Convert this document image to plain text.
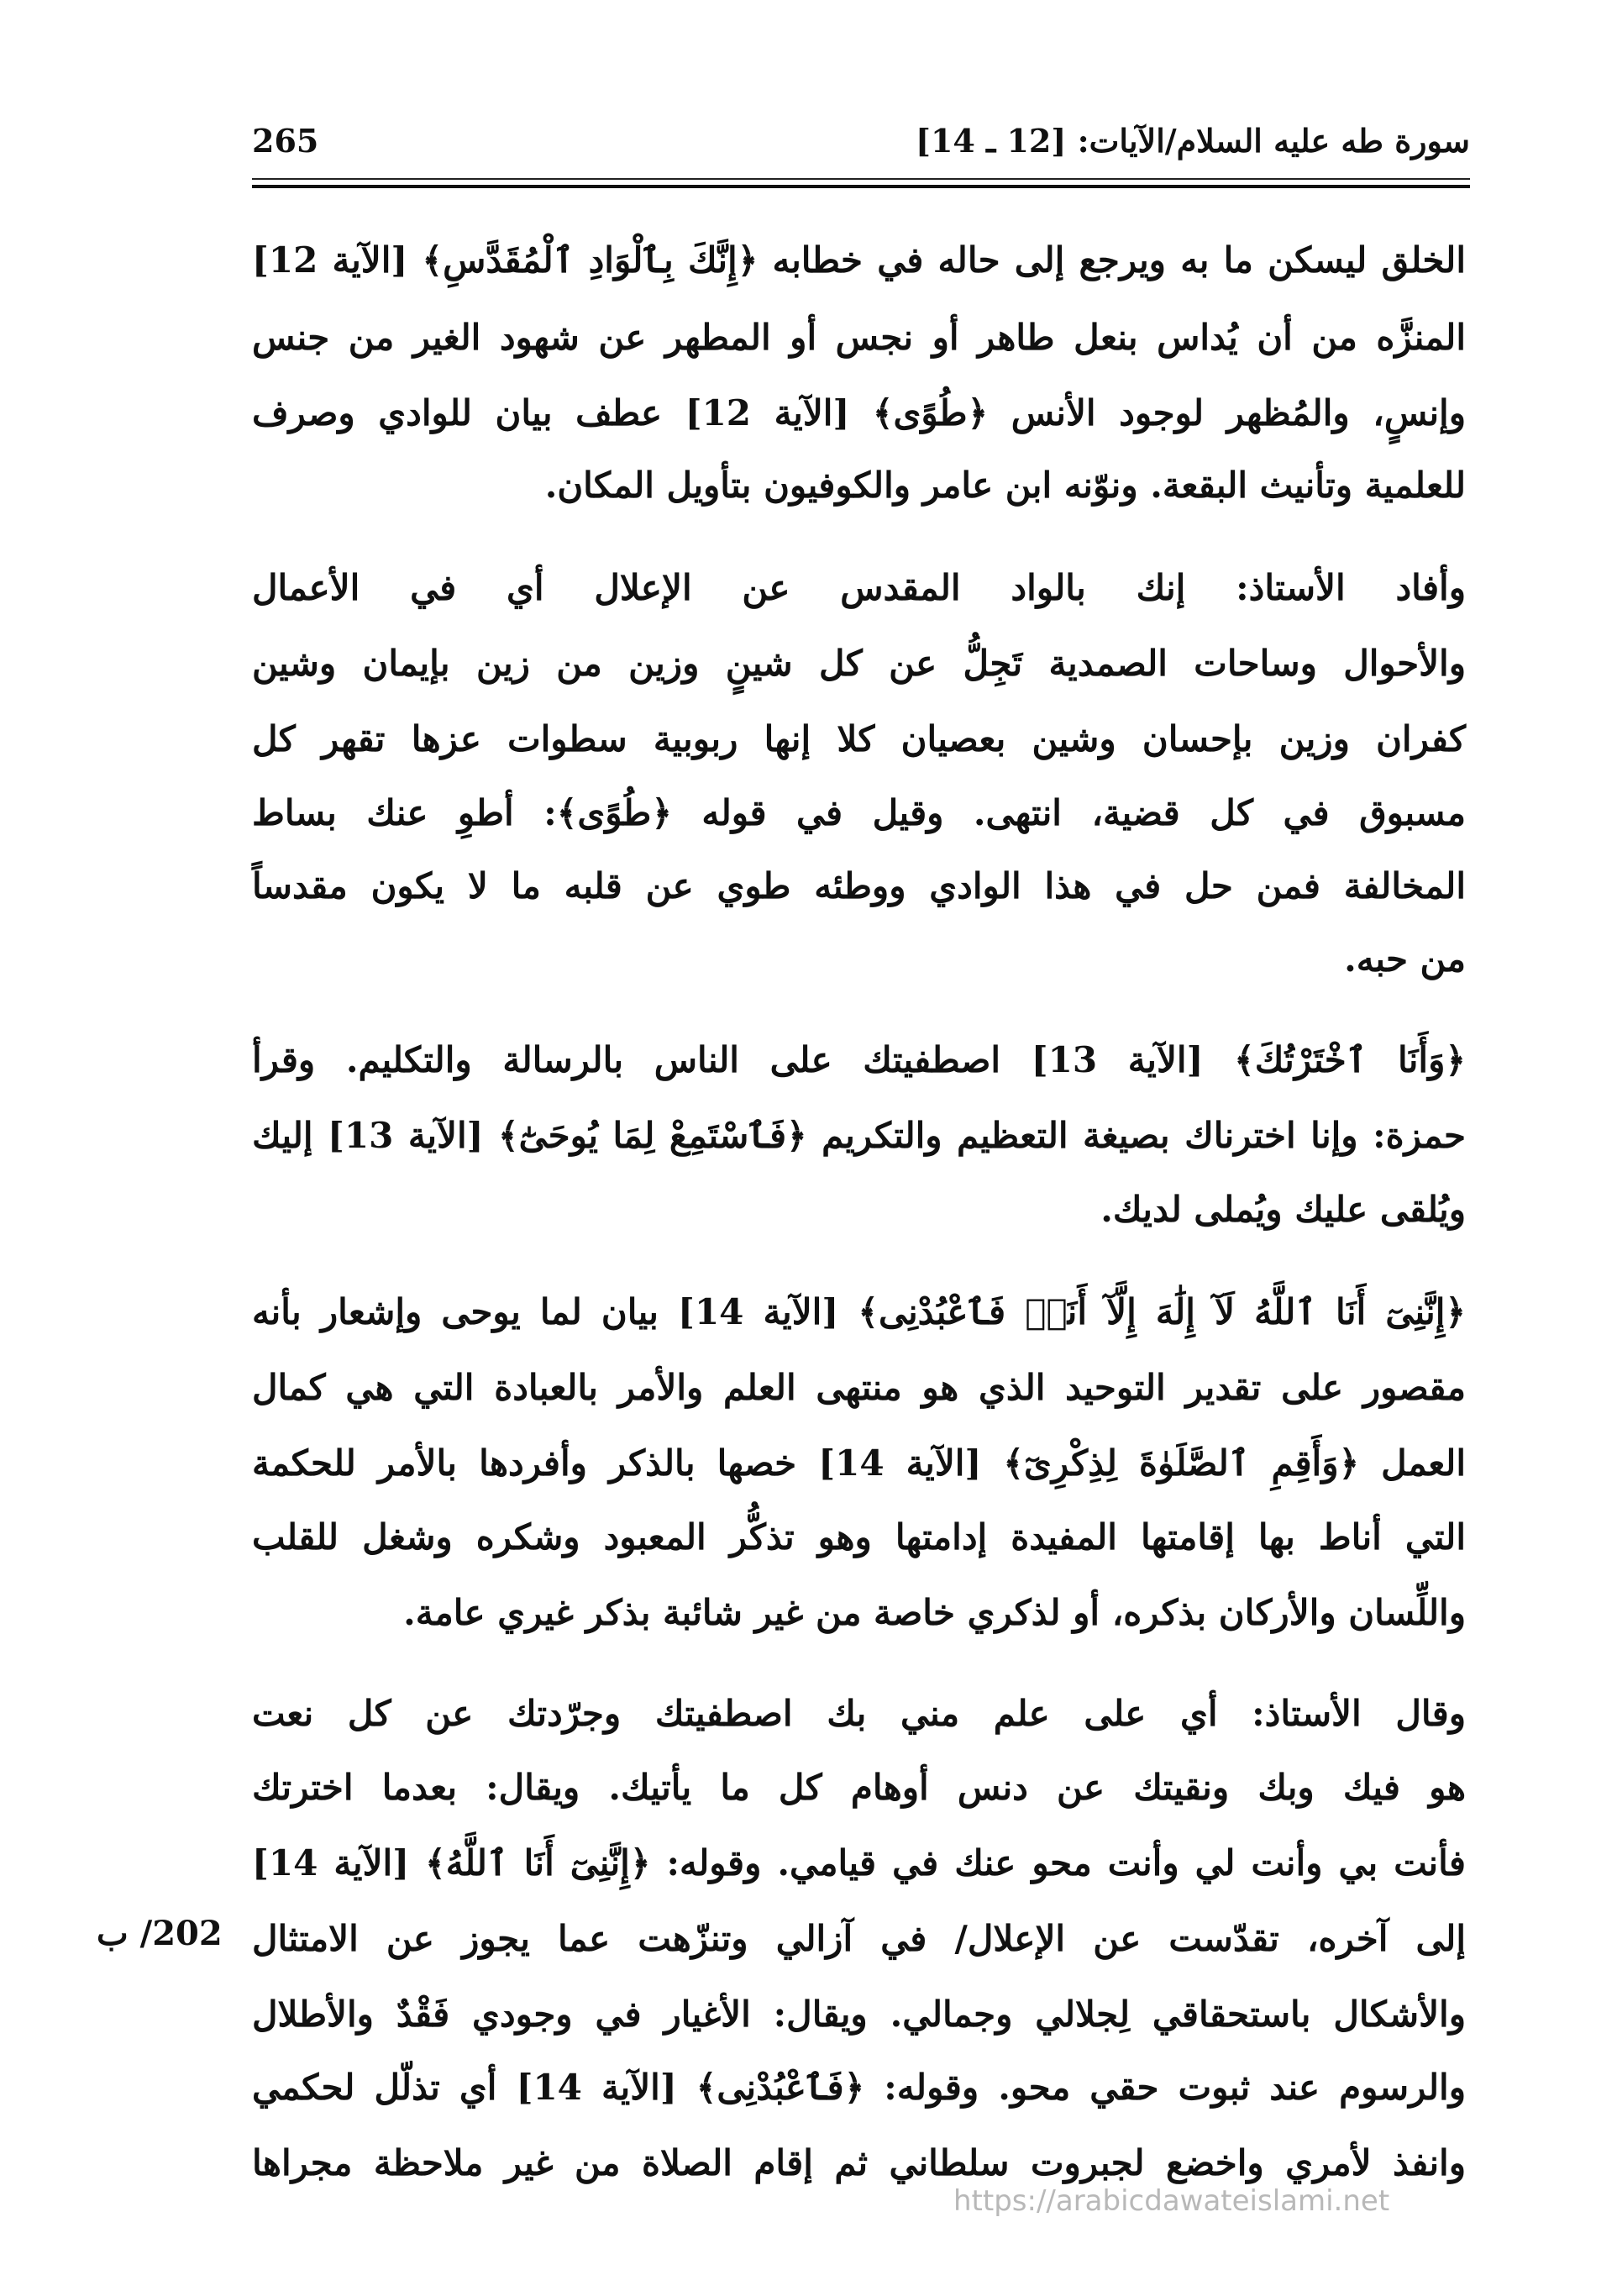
سورة طه عليه السلام/الآيات: [12 ـ 14]
265
الخلق ليسكن ما به ويرجع إلى حاله في خطابه ﴿إِنَّكَ بِٱلْوَادِ ٱلْمُقَدَّسِ﴾ [الآية 12]
المنزَّه من أن يُداس بنعل طاهر أو نجس أو المطهر عن شهود الغير من جنس
وإنسٍ، والمُظهر لوجود الأنس ﴿طُوًى﴾ [الآية 12] عطف بيان للوادي وصرف
للعلمية وتأنيث البقعة. ونوّنه ابن عامر والكوفيون بتأويل المكان.
وأفاد الأستاذ: إنك بالواد المقدس عن الإعلال أي في الأعمال
والأحوال وساحات الصمدية تَجِلُّ عن كل شينٍ وزين من زين بإيمان وشين
كفران وزين بإحسان وشين بعصيان كلا إنها ربوبية سطوات عزها تقهر كل
مسبوق في كل قضية، انتهى. وقيل في قوله ﴿طُوًى﴾: أطوِ عنك بساط
المخالفة فمن حل في هذا الوادي ووطئه طوي عن قلبه ما لا يكون مقدساً
من حبه.
﴿وَأَنَا ٱخْتَرْتُكَ﴾ [الآية 13] اصطفيتك على الناس بالرسالة والتكليم. وقرأ
حمزة: وإنا اخترناك بصيغة التعظيم والتكريم ﴿فَٱسْتَمِعْ لِمَا يُوحَىٰٓ﴾ [الآية 13] إليك
ويُلقى عليك ويُملى لديك.
﴿إِنَّنِىٓ أَنَا ٱللَّهُ لَآ إِلَٰهَ إِلَّآ أَنَا۠ فَٱعْبُدْنِى﴾ [الآية 14] بيان لما يوحى وإشعار بأنه
مقصور على تقدير التوحيد الذي هو منتهى العلم والأمر بالعبادة التي هي كمال
العمل ﴿وَأَقِمِ ٱلصَّلَوٰةَ لِذِكْرِىٓ﴾ [الآية 14] خصها بالذكر وأفردها بالأمر للحكمة
التي أناط بها إقامتها المفيدة إدامتها وهو تذكُّر المعبود وشكره وشغل للقلب
واللِّسان والأركان بذكره، أو لذكري خاصة من غير شائبة بذكر غيري عامة.
وقال الأستاذ: أي على علم مني بك اصطفيتك وجرّدتك عن كل نعت
هو فيك وبك ونقيتك عن دنس أوهام كل ما يأتيك. ويقال: بعدما اخترتك
فأنت بي وأنت لي وأنت محو عنك في قيامي. وقوله: ﴿إِنَّنِىٓ أَنَا ٱللَّهُ﴾ [الآية 14]
إلى آخره، تقدّست عن الإعلال/ في آزالي وتنزّهت عما يجوز عن الامتثال
والأشكال باستحقاقي لِجلالي وجمالي. ويقال: الأغيار في وجودي فَقْدٌ والأطلال
والرسوم عند ثبوت حقي محو. وقوله: ﴿فَٱعْبُدْنِى﴾ [الآية 14] أي تذلّل لحكمي
وانفذ لأمري واخضع لجبروت سلطاني ثم إقام الصلاة من غير ملاحظة مجراها
202/ ب
https://arabicdawateislami.net
